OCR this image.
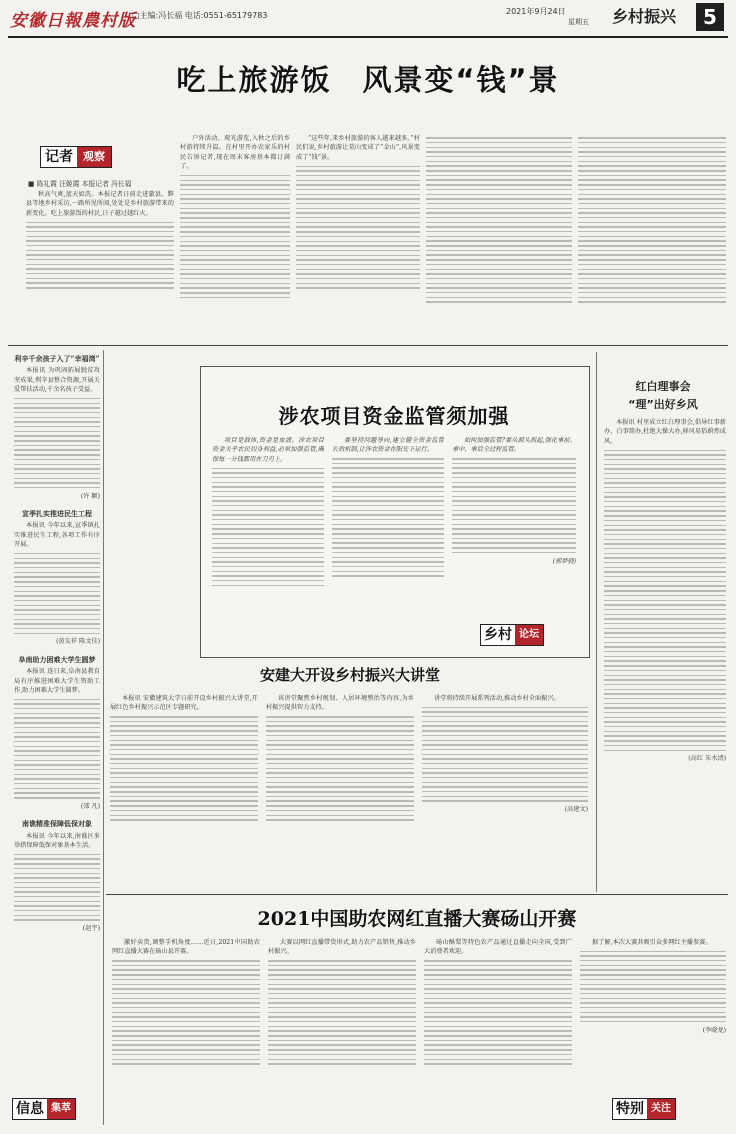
安徽日報農村版
□主编:冯长福 电话:0551-65179783	2021年9月24日
星期五 乡村振兴	5
吃上旅游饭　风景变“钱”景
记者 观察
■ 陈礼霞 汪姬霞 本报记者 冯长福

秋高气爽,蓝天如洗。本报记者日前走进歙县、黟县等地乡村采访,一路所见所闻,处处是乡村旅游带来的新变化。吃上旅游饭的村民,日子越过越红火。

户外活动、观光游览,入秋之后的乡村游持续升温。在村里开办农家乐的村民告诉记者,现在周末客房基本都订满了。

“这些年,来乡村旅游的客人越来越多。”村民们说,乡村旅游让荒山变成了“金山”,风景变成了“钱”景。

利辛千余孩子入了“幸福湾”

本报讯 为巩固拓展脱贫攻坚成果,利辛县整合资源,开展关爱帮扶活动,千余名孩子受益。

(许 颖)
宣季扎实推进民生工程

本报讯 今年以来,宣季镇扎实推进民生工程,各项工作有序开展。

(黄友祥 陈文佳)
阜南助力困难大学生圆梦

本报讯 连日来,阜南县教育局有序推进困难大学生资助工作,助力困难大学生圆梦。

(邵 凡)
南谯精准保障低保对象

本报讯 今年以来,南谯区多举措保障低保对象基本生活。

(赵宇)
信息 集萃
涉农项目资金监管须加强

项目是载体,资金是血液。涉农项目资金关乎农民切身利益,必须加强监管,确保每一分钱都用在刀刃上。

要坚持问题导向,建立健全资金监管长效机制,让涉农资金在阳光下运行。

如何加强监管?要从源头抓起,强化事前、事中、事后全过程监管。

(郭梦骁)
乡村 论坛
红白理事会
“理”出好乡风

本报讯 村里成立红白理事会,倡导红事新办、白事简办,杜绝大操大办,移风易俗蔚然成风。

(高红 朱水清)
安建大开设乡村振兴大讲堂

本报讯 安徽建筑大学日前开设乡村振兴大讲堂,开展红色乡村振兴示范区专题研究。

该讲堂聚焦乡村规划、人居环境整治等内容,为乡村振兴提供智力支持。

讲堂将持续开展系列活动,推动乡村全面振兴。

(高建文)
2021中国助农网红直播大赛砀山开赛

激好卖货,调整手机角度……近日,2021中国助农网红直播大赛在砀山县开赛。

大赛以网红直播带货形式,助力农产品销售,推动乡村振兴。

砀山酥梨等特色农产品通过直播走向全国,受到广大消费者欢迎。

据了解,本次大赛共吸引众多网红主播参赛。

(李晓龙)
特别 关注
